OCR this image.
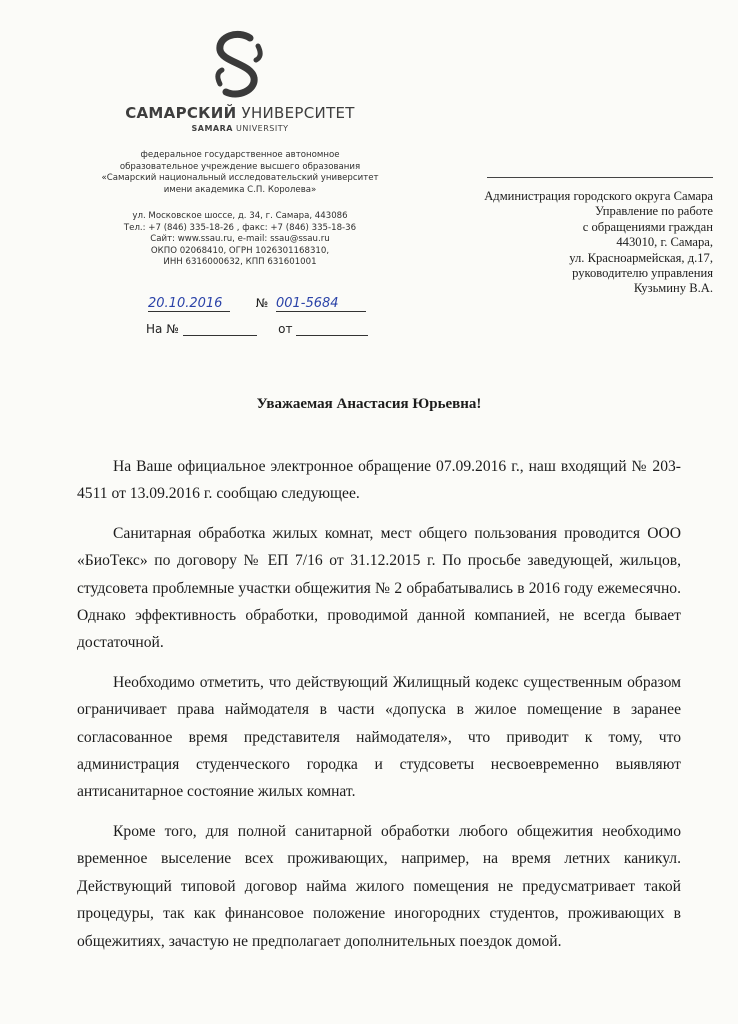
САМАРСКИЙ УНИВЕРСИТЕТ
SAMARA UNIVERSITY
федеральное государственное автономное
образовательное учреждение высшего образования
«Самарский национальный исследовательский университет
имени академика С.П. Королева»
ул. Московское шоссе, д. 34, г. Самара, 443086
Тел.: +7 (846) 335-18-26 , факс: +7 (846) 335-18-36
Сайт: www.ssau.ru, e-mail: ssau@ssau.ru
ОКПО 02068410, ОГРН 1026301168310,
ИНН 6316000632, КПП 631601001
20.10.2016	№ 001-5684
На №	от
Администрация городского округа Самара
Управление по работе
с обращениями граждан
443010, г. Самара,
ул. Красноармейская, д.17,
руководителю управления
Кузьмину В.А.
Уважаемая Анастасия Юрьевна!

На Ваше официальное электронное обращение 07.09.2016 г., наш входящий № 203-4511 от 13.09.2016 г. сообщаю следующее.

Санитарная обработка жилых комнат, мест общего пользования проводится ООО «БиоТекс» по договору № ЕП 7/16 от 31.12.2015 г. По просьбе заведующей, жильцов, студсовета проблемные участки общежития № 2 обрабатывались в 2016 году ежемесячно. Однако эффективность обработки, проводимой данной компанией, не всегда бывает достаточной.

Необходимо отметить, что действующий Жилищный кодекс существенным образом ограничивает права наймодателя в части «допуска в жилое помещение в заранее согласованное время представителя наймодателя», что приводит к тому, что администрация студенческого городка и студсоветы несвоевременно выявляют антисанитарное состояние жилых комнат.

Кроме того, для полной санитарной обработки любого общежития необходимо временное выселение всех проживающих, например, на время летних каникул. Действующий типовой договор найма жилого помещения не предусматривает такой процедуры, так как финансовое положение иногородних студентов, проживающих в общежитиях, зачастую не предполагает дополнительных поездок домой.
